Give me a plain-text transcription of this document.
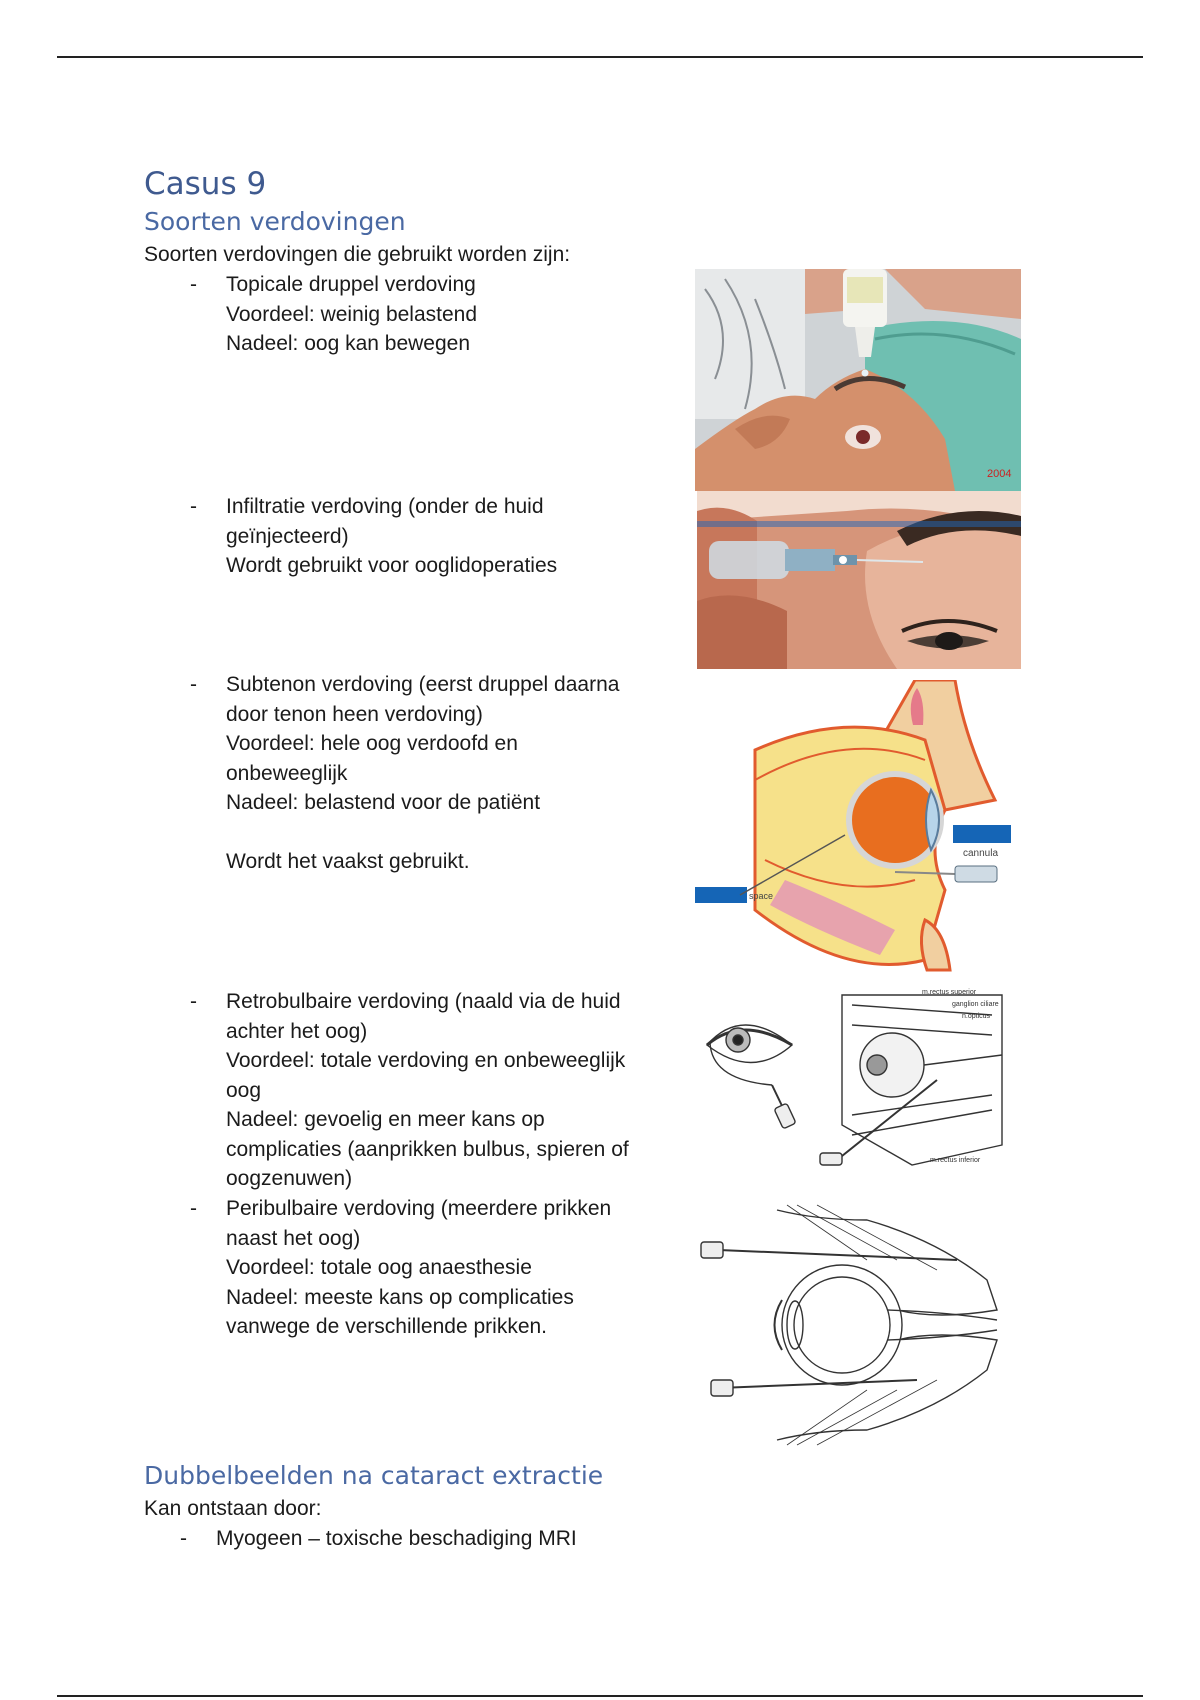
Casus 9
Soorten verdovingen

Soorten verdovingen die gebruikt worden zijn:

- Topicale druppel verdoving
Voordeel: weinig belastend
Nadeel: oog kan bewegen
- Infiltratie verdoving (onder de huid
geïnjecteerd)
Wordt gebruikt voor ooglidoperaties
- Subtenon verdoving (eerst druppel daarna
door tenon heen verdoving)
Voordeel: hele oog verdoofd en
onbeweeglijk
Nadeel: belastend voor de patiënt
Wordt het vaakst gebruikt.
- Retrobulbaire verdoving (naald via de huid
achter het oog)
Voordeel: totale verdoving en onbeweeglijk
oog
Nadeel: gevoelig en meer kans op
complicaties (aanprikken bulbus, spieren of
oogzenuwen)
- Peribulbaire verdoving (meerdere prikken
naast het oog)
Voordeel: totale oog anaesthesie
Nadeel: meeste kans op complicaties
vanwege de verschillende prikken.
Dubbelbeelden na cataract extractie

Kan ontstaan door:

- Myogeen – toxische beschadiging MRI
2004
cannula
space
m.rectus superior
ganglion ciliare
n.opticus
m.rectus inferior
